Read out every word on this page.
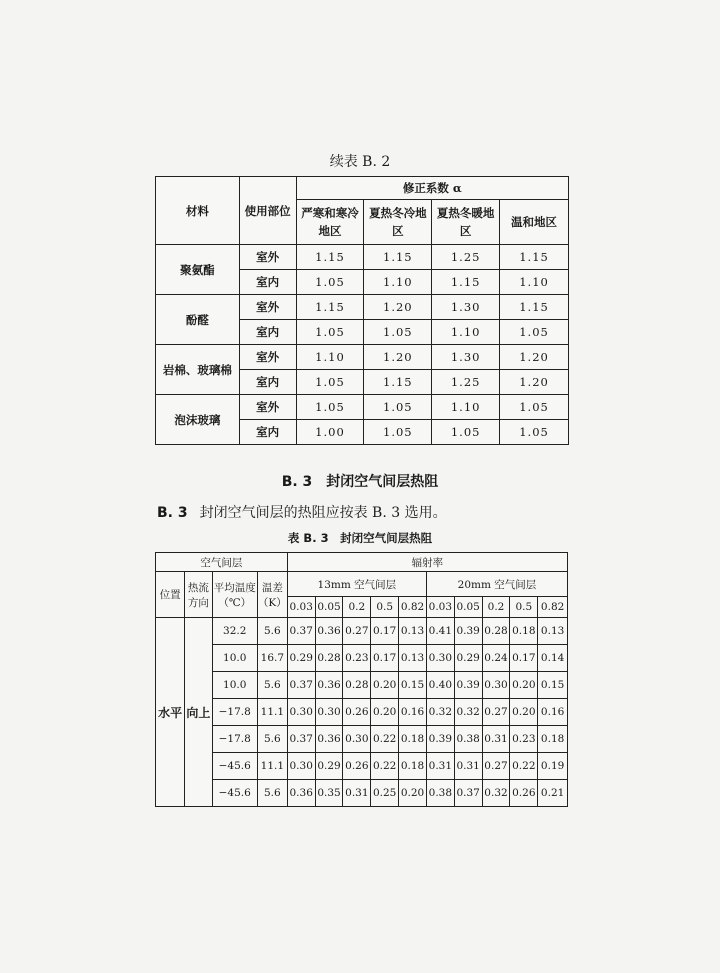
续表 B. 2
材料	使用部位	修正系数 α			
		严寒和寒冷地区	夏热冬冷地区	夏热冬暖地区	温和地区
聚氨酯	室外	1.15	1.15	1.25	1.15
	室内	1.05	1.10	1.15	1.10
酚醛	室外	1.15	1.20	1.30	1.15
	室内	1.05	1.05	1.10	1.05
岩棉、玻璃棉	室外	1.10	1.20	1.30	1.20
	室内	1.05	1.15	1.25	1.20
泡沫玻璃	室外	1.05	1.05	1.10	1.05
	室内	1.00	1.05	1.05	1.05
B. 3　封闭空气间层热阻
B. 3 封闭空气间层的热阻应按表 B. 3 选用。
表 B. 3　封闭空气间层热阻
空气间层				辐射率									
位置	热流方向	平均温度（℃）	温差（K）	13mm 空气间层					20mm 空气间层				
				0.03	0.05	0.2	0.5	0.82	0.03	0.05	0.2	0.5	0.82
水平	向上	32.2	5.6	0.37	0.36	0.27	0.17	0.13	0.41	0.39	0.28	0.18	0.13
		10.0	16.7	0.29	0.28	0.23	0.17	0.13	0.30	0.29	0.24	0.17	0.14
		10.0	5.6	0.37	0.36	0.28	0.20	0.15	0.40	0.39	0.30	0.20	0.15
		−17.8	11.1	0.30	0.30	0.26	0.20	0.16	0.32	0.32	0.27	0.20	0.16
		−17.8	5.6	0.37	0.36	0.30	0.22	0.18	0.39	0.38	0.31	0.23	0.18
		−45.6	11.1	0.30	0.29	0.26	0.22	0.18	0.31	0.31	0.27	0.22	0.19
		−45.6	5.6	0.36	0.35	0.31	0.25	0.20	0.38	0.37	0.32	0.26	0.21
